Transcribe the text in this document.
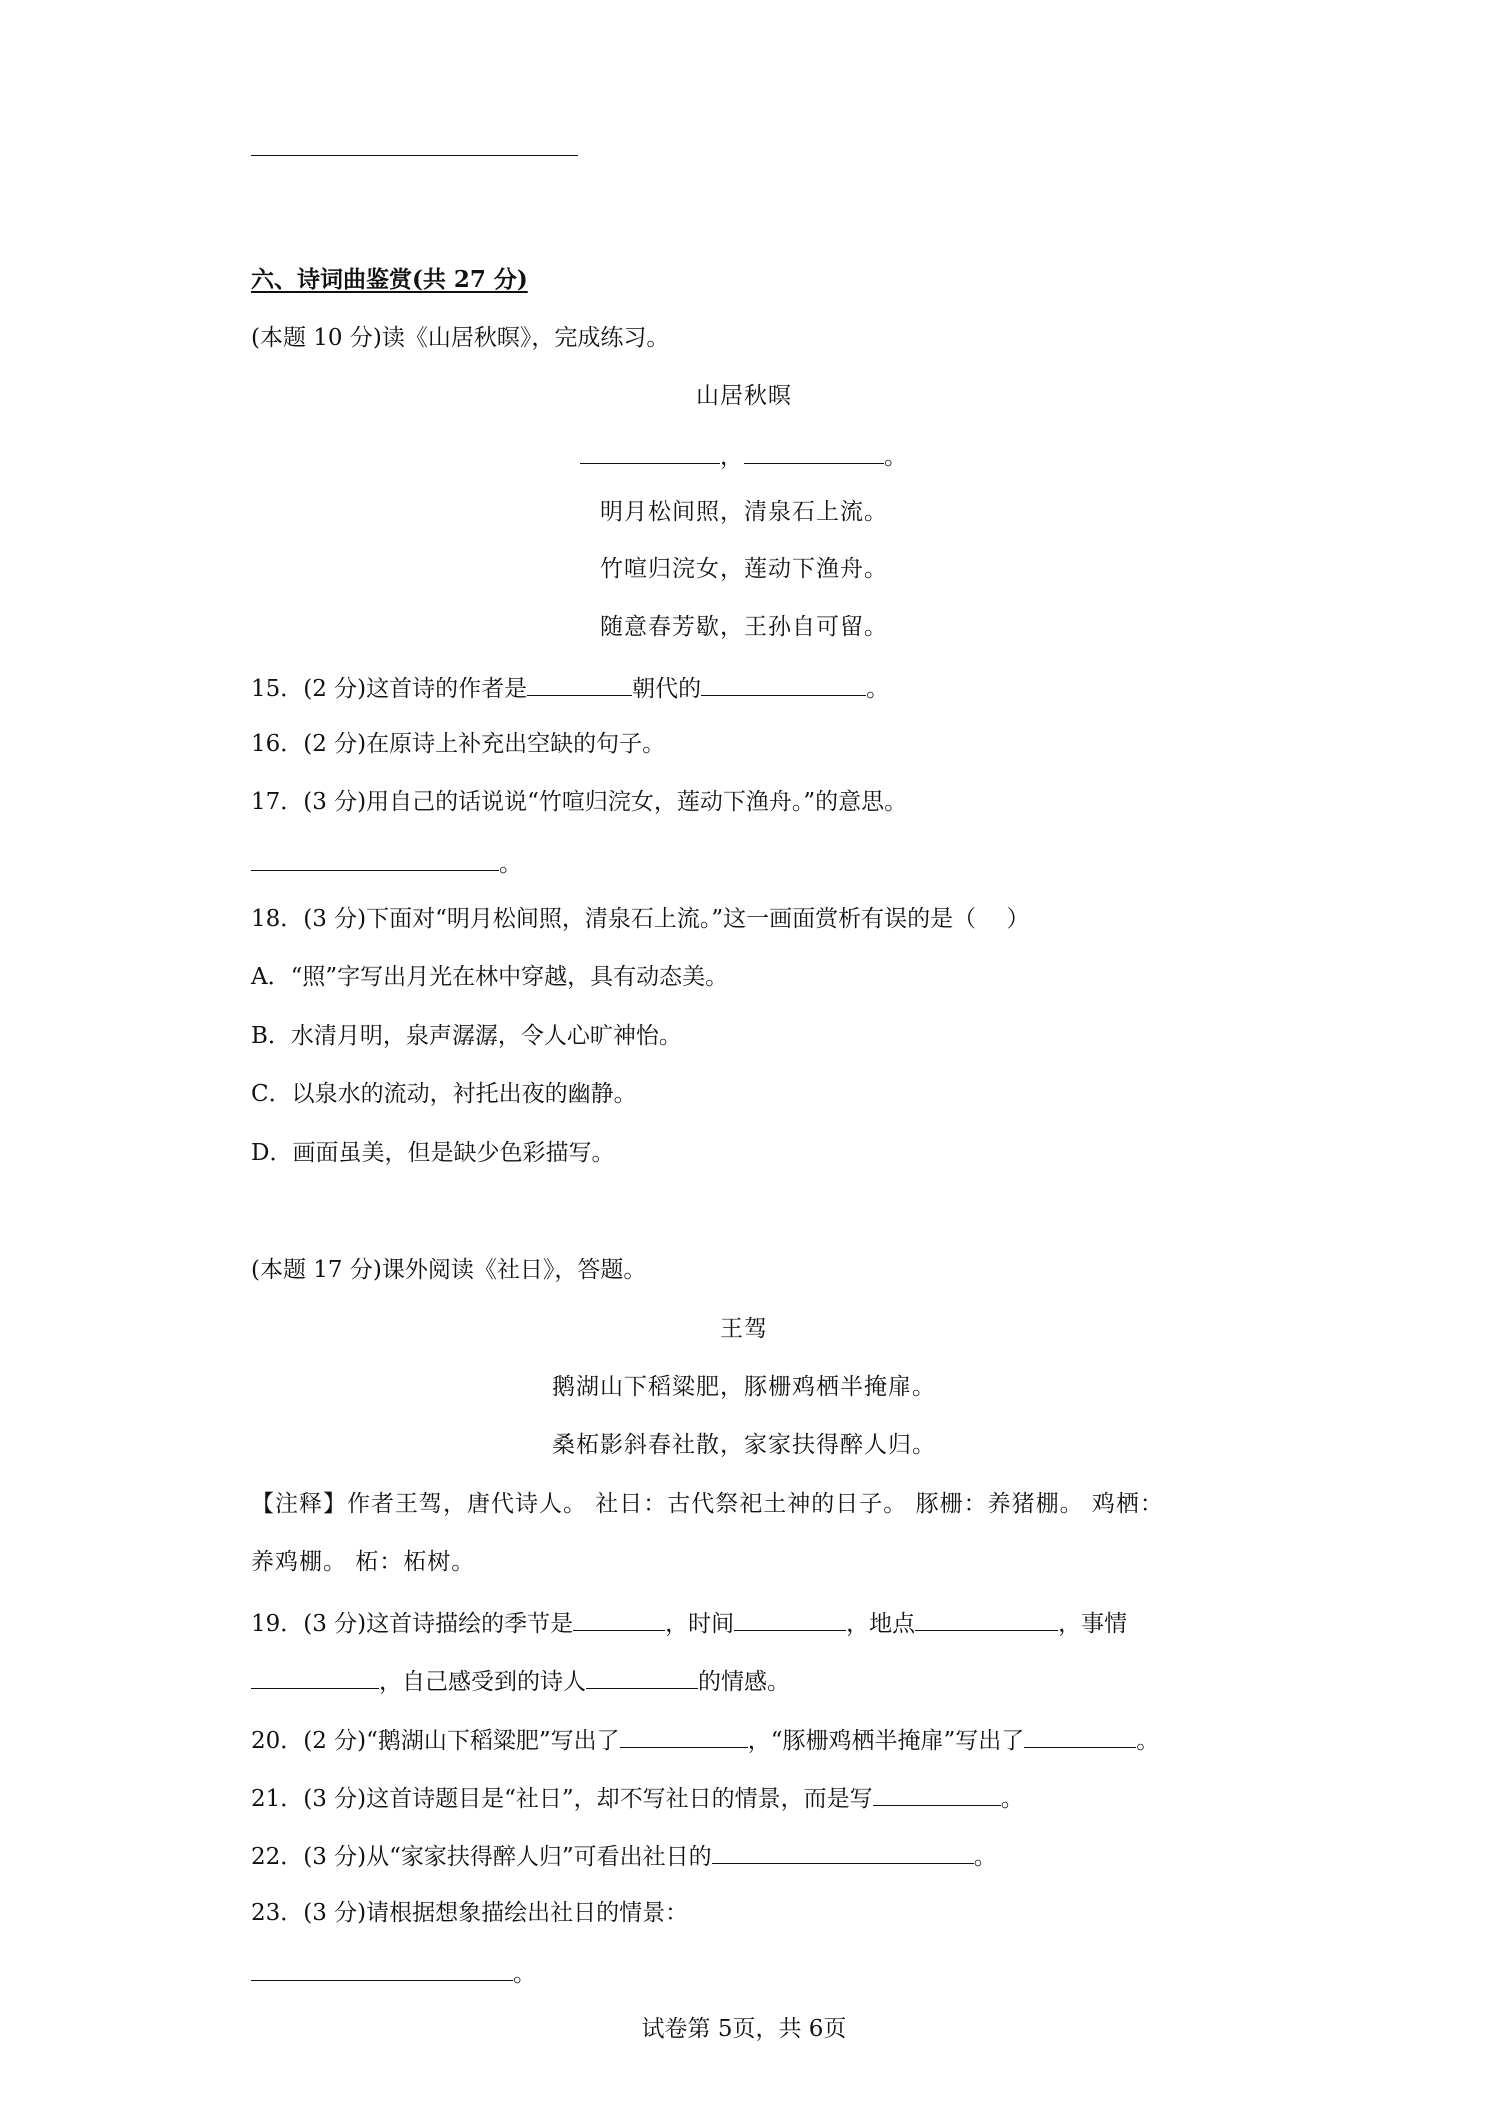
六、诗词曲鉴赏(共 27 分)
(本题 10 分)读《山居秋暝》，完成练习。
山居秋暝
，	。
明月松间照，清泉石上流。
竹喧归浣女，莲动下渔舟。
随意春芳歇，王孙自可留。
15．(2 分)这首诗的作者是	朝代的	。
16．(2 分)在原诗上补充出空缺的句子。
17．(3 分)用自己的话说说“竹喧归浣女，莲动下渔舟。”的意思。
。
18．(3 分)下面对“明月松间照，清泉石上流。”这一画面赏析有误的是（　 ）
A．“照”字写出月光在林中穿越，具有动态美。
B．水清月明，泉声潺潺，令人心旷神怡。
C．以泉水的流动，衬托出夜的幽静。
D．画面虽美，但是缺少色彩描写。
(本题 17 分)课外阅读《社日》，答题。
王驾
鹅湖山下稻粱肥，豚栅鸡栖半掩扉。
桑柘影斜春社散，家家扶得醉人归。
【注释】作者王驾，唐代诗人。 社日：古代祭祀土神的日子。 豚栅：养猪棚。 鸡栖：
养鸡棚。 柘：柘树。
19．(3 分)这首诗描绘的季节是	，时间	，地点	，事情
，自己感受到的诗人	的情感。
20．(2 分)“鹅湖山下稻粱肥”写出了	，“豚栅鸡栖半掩扉”写出了	。
21．(3 分)这首诗题目是“社日”，却不写社日的情景，而是写	。
22．(3 分)从“家家扶得醉人归”可看出社日的	。
23．(3 分)请根据想象描绘出社日的情景：
。
试卷第 5页，共 6页
